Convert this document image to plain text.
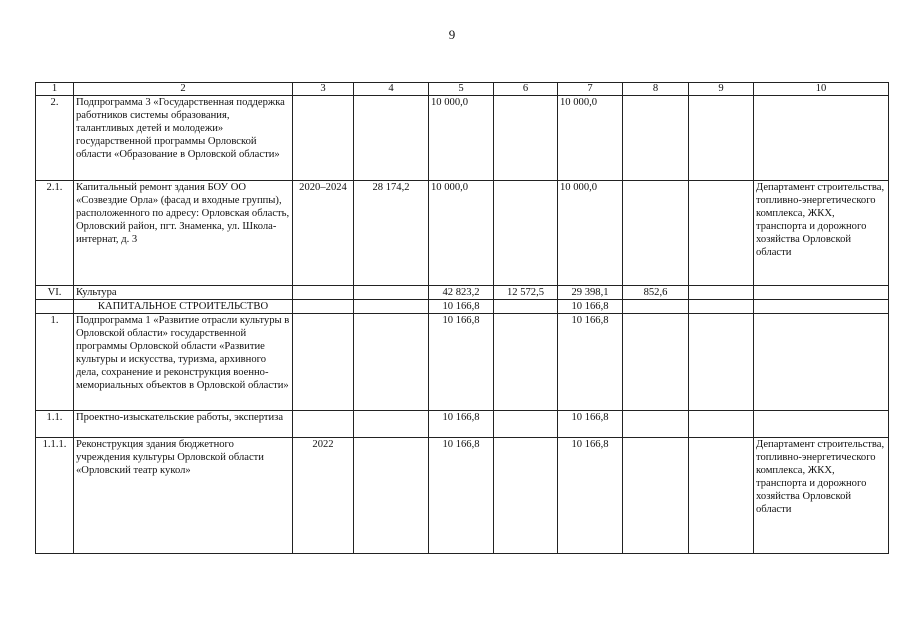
9
1	2	3	4	5	6	7	8	9	10
2.	Подпрограмма 3 «Государственная поддержка работников системы образования, талантливых детей и молодежи» государственной программы Орловской области «Образование в Орловской области»			10 000,0		10 000,0			
2.1.	Капитальный ремонт здания БОУ ОО «Созвездие Орла» (фасад и входные группы), расположенного по адресу: Орловская область, Орловский район, пгт. Знаменка, ул. Школа-интернат, д. 3	2020–2024	28 174,2	10 000,0		10 000,0			Департамент строительства, топливно-энергетического комплекса, ЖКХ, транспорта и дорожного хозяйства Орловской области
VI.	Культура			42 823,2	12 572,5	29 398,1	852,6		
	КАПИТАЛЬНОЕ СТРОИТЕЛЬСТВО			10 166,8		10 166,8			
1.	Подпрограмма 1 «Развитие отрасли культуры в Орловской области» государственной программы Орловской области «Развитие культуры и искусства, туризма, архивного дела, сохранение и реконструкция военно-мемориальных объектов в Орловской области»			10 166,8		10 166,8			
1.1.	Проектно-изыскательские работы, экспертиза			10 166,8		10 166,8			
1.1.1.	Реконструкция здания бюджетного учреждения культуры Орловской области «Орловский театр кукол»	2022		10 166,8		10 166,8			Департамент строительства, топливно-энергетического комплекса, ЖКХ, транспорта и дорожного хозяйства Орловской области
